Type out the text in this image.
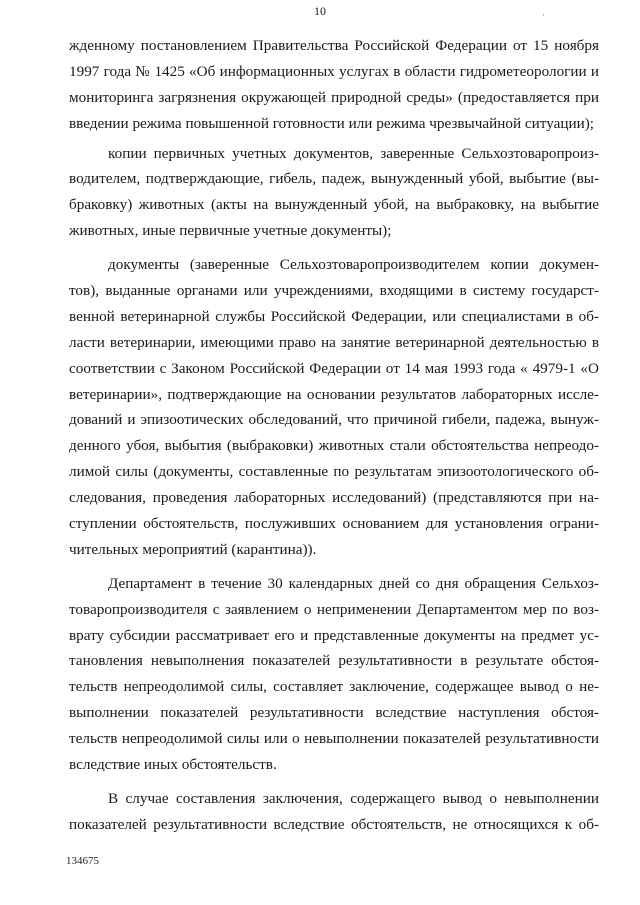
10	·
жденному постановлением Правительства Российской Федерации от 15 ноября
1997 года № 1425 «Об информационных услугах в области гидрометеорологии и
мониторинга загрязнения окружающей природной среды» (предоставляется при
введении режима повышенной готовности или режима чрезвычайной ситуации);
копии первичных учетных документов, заверенные Сельхозтоваропроиз-
водителем, подтверждающие, гибель, падеж, вынужденный убой, выбытие (вы-
браковку) животных (акты на вынужденный убой, на выбраковку, на выбытие
животных, иные первичные учетные документы);
документы (заверенные Сельхозтоваропроизводителем копии докумен-
тов), выданные органами или учреждениями, входящими в систему государст-
венной ветеринарной службы Российской Федерации, или специалистами в об-
ласти ветеринарии, имеющими право на занятие ветеринарной деятельностью в
соответствии с Законом Российской Федерации от 14 мая 1993 года « 4979-1 «О
ветеринарии», подтверждающие на основании результатов лабораторных иссле-
дований и эпизоотических обследований, что причиной гибели, падежа, вынуж-
денного убоя, выбытия (выбраковки) животных стали обстоятельства непреодо-
лимой силы (документы, составленные по результатам эпизоотологического об-
следования, проведения лабораторных исследований) (представляются при на-
ступлении обстоятельств, послуживших основанием для установления ограни-
чительных мероприятий (карантина)).
Департамент в течение 30 календарных дней со дня обращения Сельхоз-
товаропроизводителя с заявлением о неприменении Департаментом мер по воз-
врату субсидии рассматривает его и представленные документы на предмет ус-
тановления невыполнения показателей результативности в результате обстоя-
тельств непреодолимой силы, составляет заключение, содержащее вывод о не-
выполнении показателей результативности вследствие наступления обстоя-
тельств непреодолимой силы или о невыполнении показателей результативности
вследствие иных обстоятельств.
В случае составления заключения, содержащего вывод о невыполнении
показателей результативности вследствие обстоятельств, не относящихся к об-
134675
